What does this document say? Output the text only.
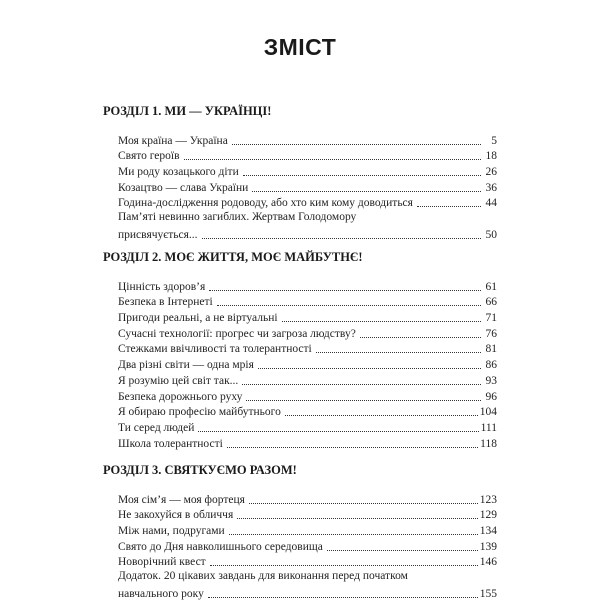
ЗМІСТ
РОЗДІЛ 1. МИ — УКРАЇНЦІ!
Моя країна — Україна	5
Свято героїв	18
Ми роду козацького діти	26
Козацтво — слава України	36
Година-дослідження родоводу, або хто ким кому доводиться	44
Пам’яті невинно загиблих. Жертвам Голодомору
присвячується...	50
РОЗДІЛ 2. МОЄ ЖИТТЯ, МОЄ МАЙБУТНЄ!
Цінність здоров’я	61
Безпека в Інтернеті	66
Пригоди реальні, а не віртуальні	71
Сучасні технології: прогрес чи загроза людству?	76
Стежками ввічливості та толерантності	81
Два різні світи — одна мрія	86
Я розумію цей світ так...	93
Безпека дорожнього руху	96
Я обираю професію майбутнього	104
Ти серед людей	111
Школа толерантності	118
РОЗДІЛ 3. СВЯТКУЄМО РАЗОМ!
Моя сім’я — моя фортеця	123
Не закохуйся в обличчя	129
Між нами, подругами	134
Свято до Дня навколишнього середовища	139
Новорічний квест	146
Додаток. 20 цікавих завдань для виконання перед початком
навчального року	155
